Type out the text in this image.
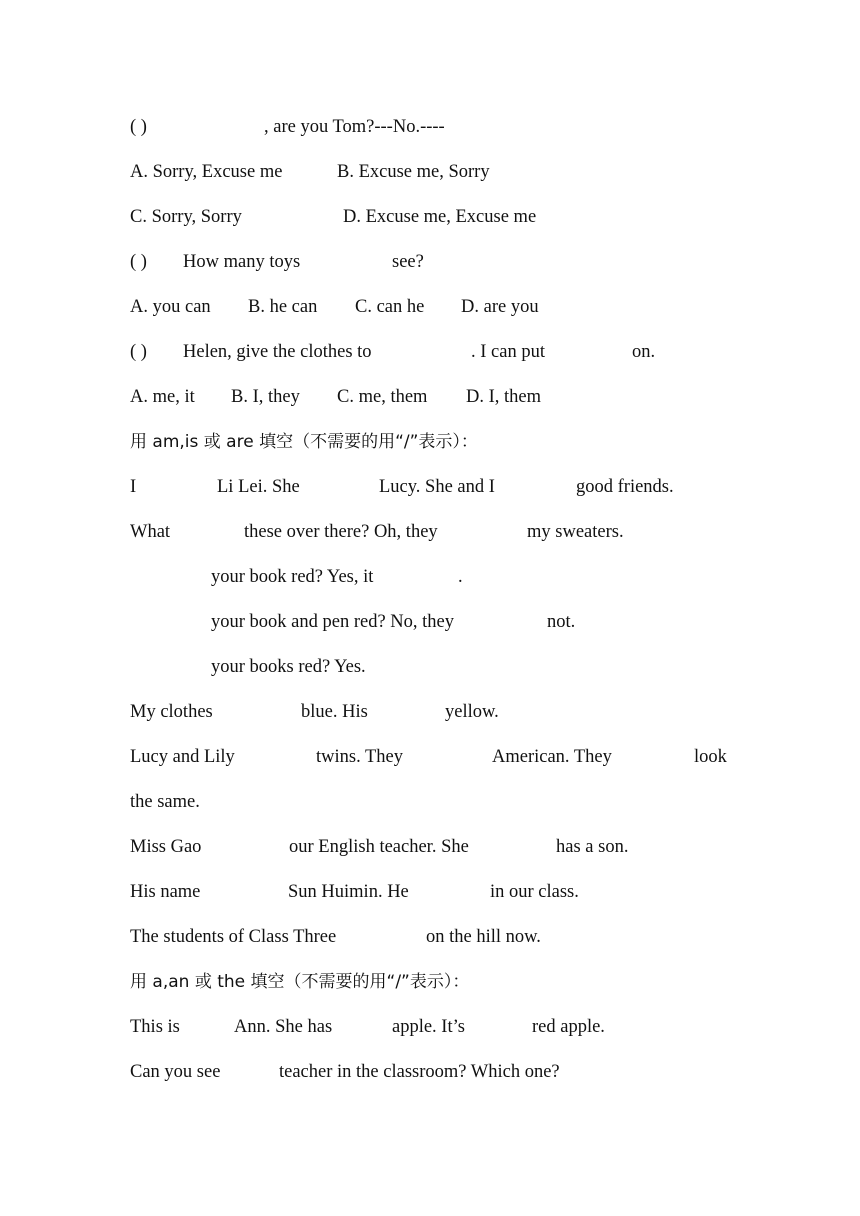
( )	, are you Tom?---No.----
A. Sorry, Excuse me	B. Excuse me, Sorry
C. Sorry, Sorry	D. Excuse me, Excuse me
( ) How many toys	see?
A. you can B. he can C. can he D. are you
( ) Helen, give the clothes to	. I can put	on.
A. me, it B. I, they C. me, them D. I, them
用 am,is 或 are 填空（不需要的用“/”表示）：
I	Li Lei. She	Lucy. She and I	good friends.
What	these over there? Oh, they	my sweaters.
your book red? Yes, it	.
your book and pen red? No, they	not.
your books red? Yes.
My clothes	blue. His	yellow.
Lucy and Lily	twins. They	American. They	look
the same.
Miss Gao	our English teacher. She	has a son.
His name	Sun Huimin. He	in our class.
The students of Class Three	on the hill now.
用 a,an 或 the 填空（不需要的用“/”表示）：
This is	Ann. She has	apple. It’s	red apple.
Can you see	teacher in the classroom? Which one?
